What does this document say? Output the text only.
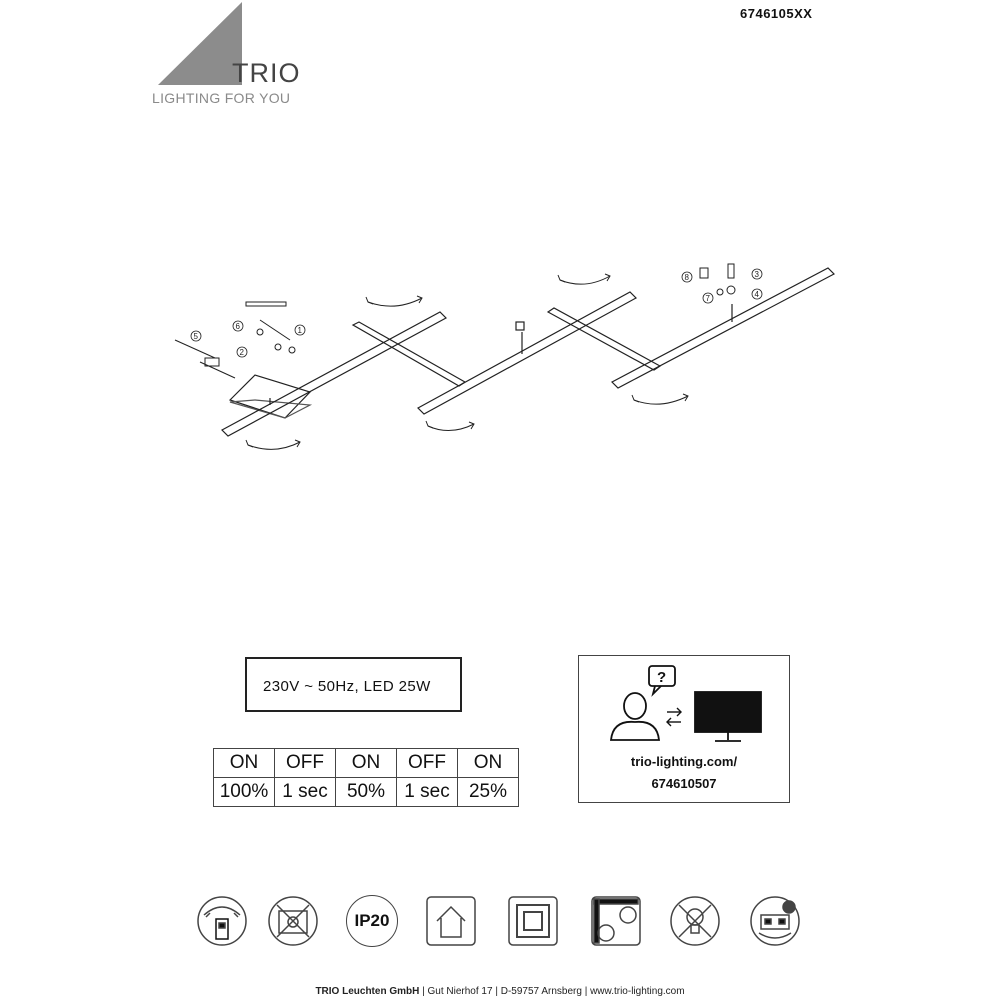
TRIO
LIGHTING FOR YOU
6746105XX
1
2
3
4
5
6
7
8
230V ~ 50Hz, LED 25W
ON	OFF	ON	OFF	ON
100%	1 sec	50%	1 sec	25%
?
trio-lighting.com/
674610507
IP20
TRIO Leuchten GmbH | Gut Nierhof 17 | D-59757 Arnsberg | www.trio-lighting.com
